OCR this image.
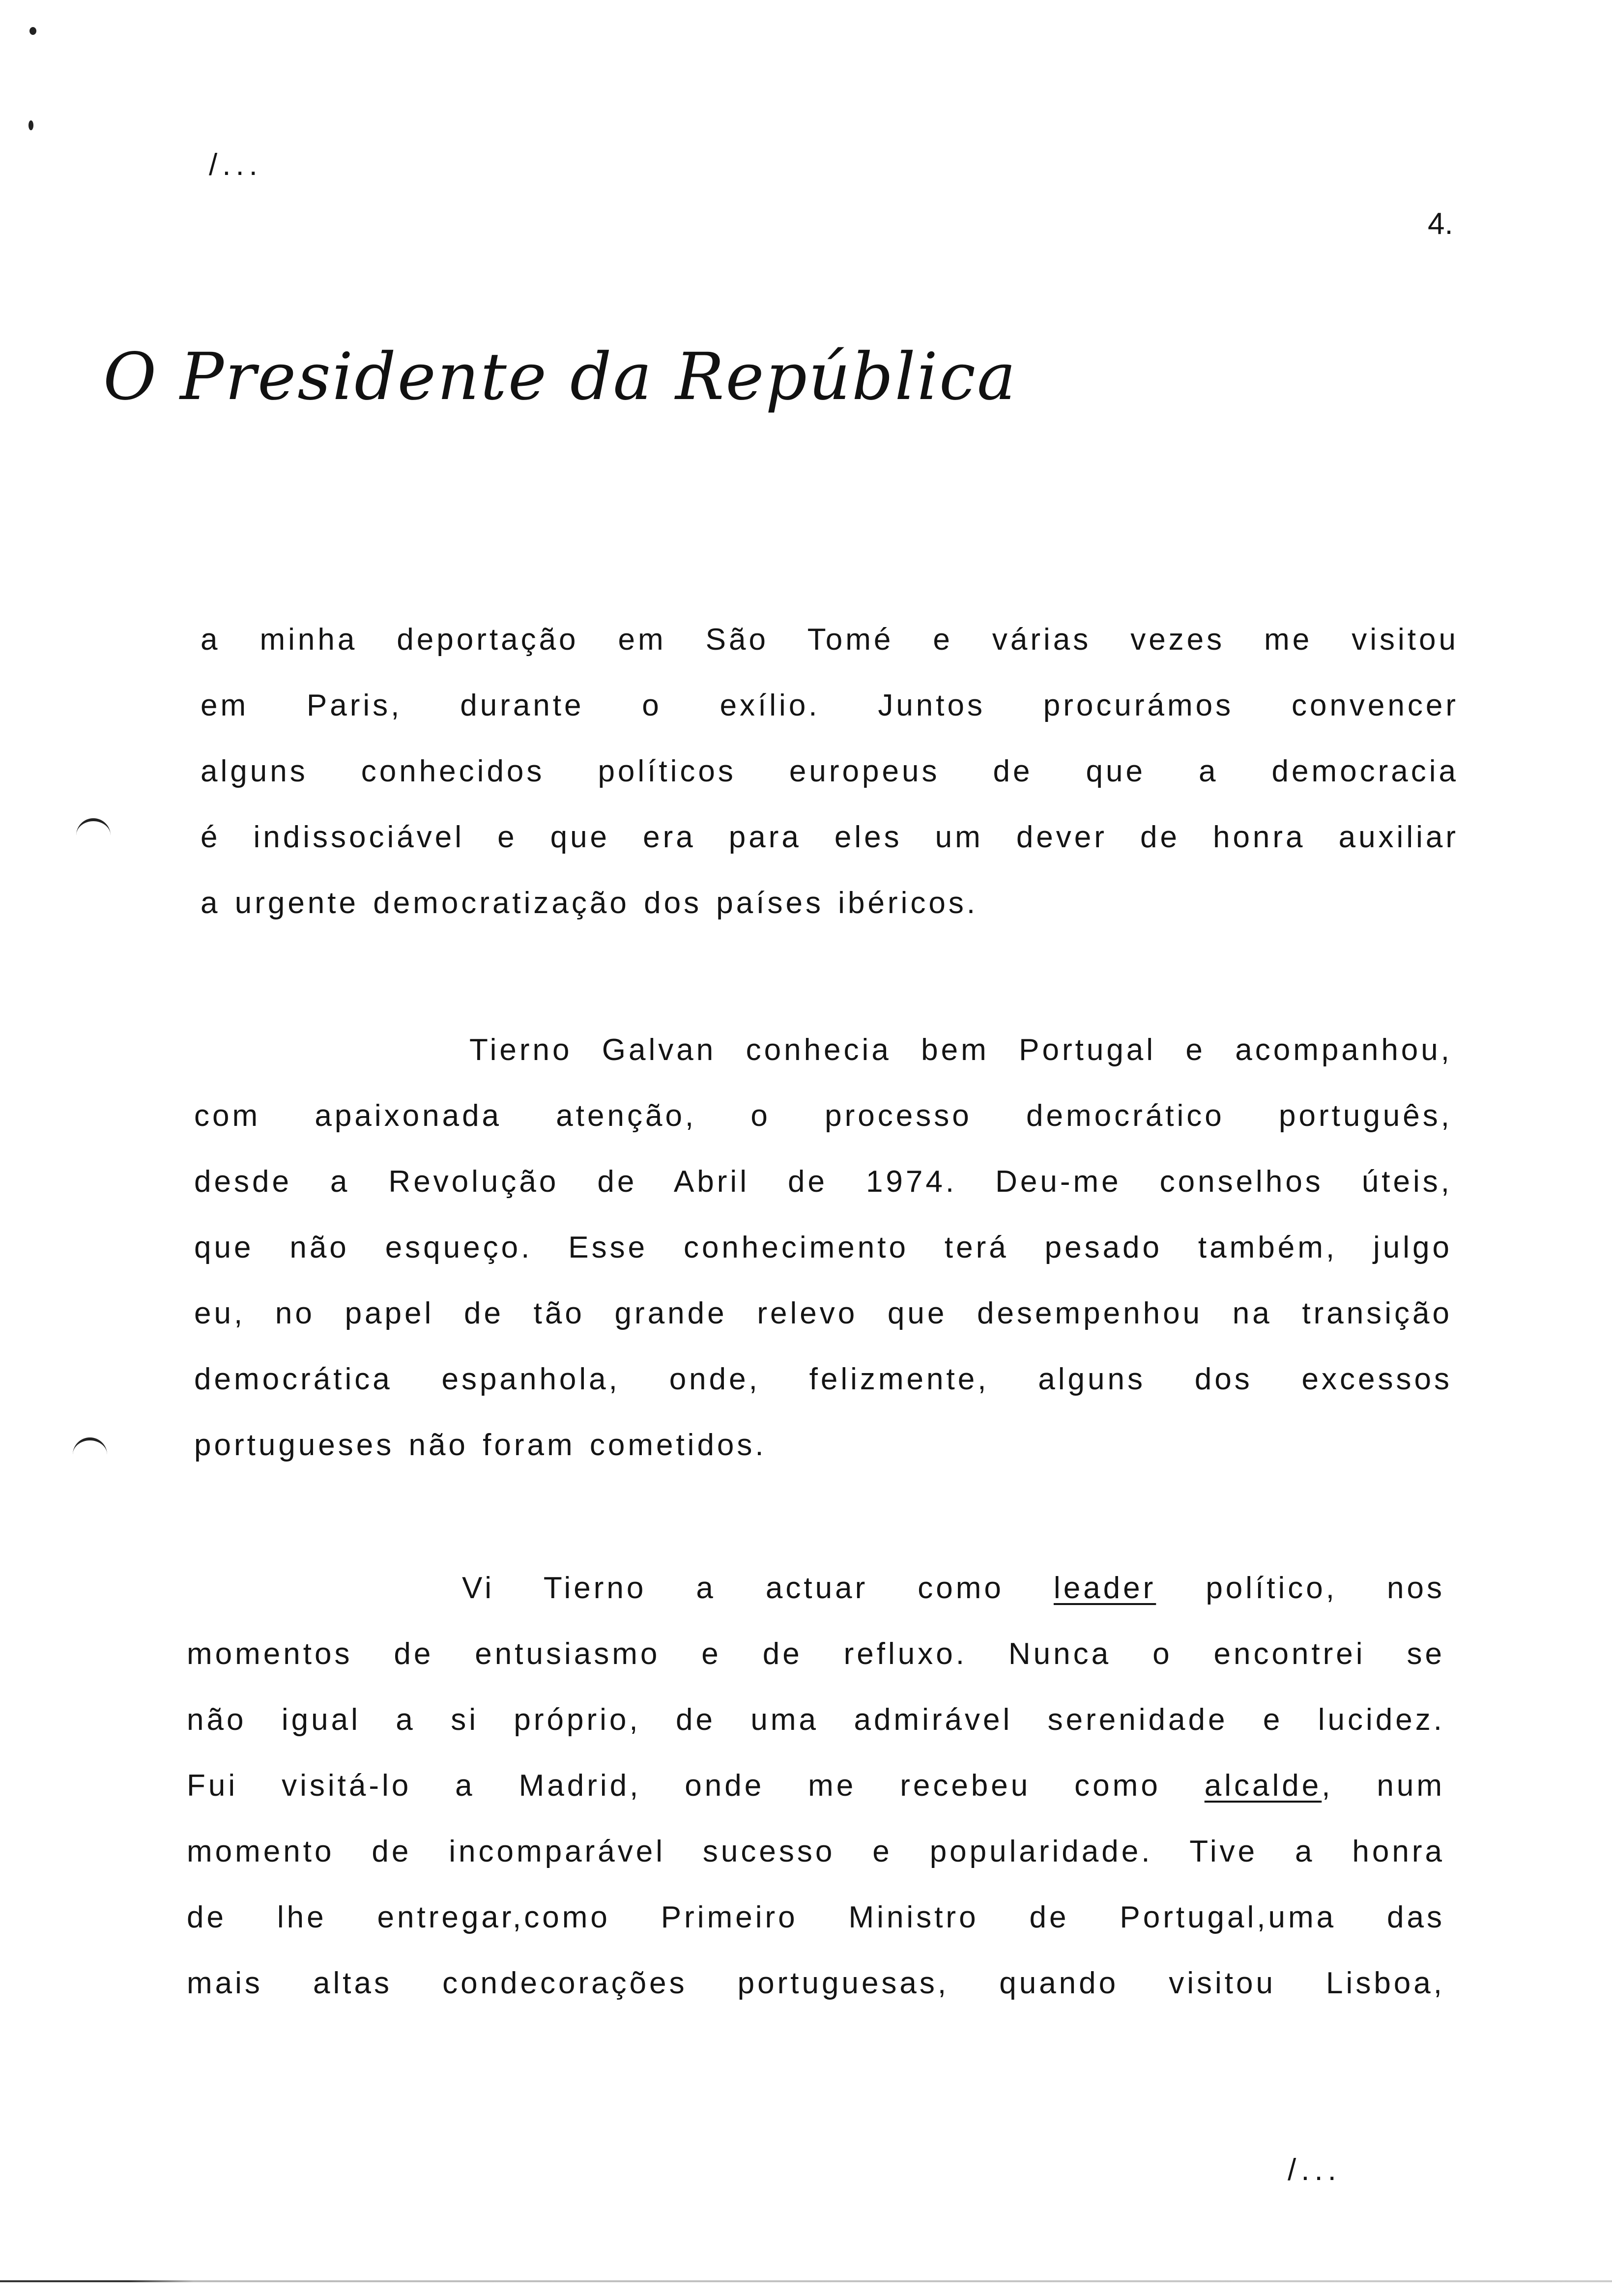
/...
4.
O Presidente da República
a minha deportação em São Tomé e várias vezes me visitou
em Paris, durante o exílio. Juntos procurámos convencer
alguns conhecidos políticos europeus de que a democracia
é indissociável e que era para eles um dever de honra auxiliar
a urgente democratização dos países ibéricos.
Tierno Galvan conhecia bem Portugal e acompanhou,
com apaixonada atenção, o processo democrático português,
desde a Revolução de Abril de 1974. Deu-me conselhos úteis,
que não esqueço. Esse conhecimento terá pesado também, julgo
eu, no papel de tão grande relevo que desempenhou na transição
democrática espanhola, onde, felizmente, alguns dos excessos
portugueses não foram cometidos.
Vi Tierno a actuar como leader político, nos
momentos de entusiasmo e de refluxo. Nunca o encontrei se
não igual a si próprio, de uma admirável serenidade e lucidez.
Fui visitá-lo a Madrid, onde me recebeu como alcalde, num
momento de incomparável sucesso e popularidade. Tive a honra
de lhe entregar,como Primeiro Ministro de Portugal,uma das
mais altas condecorações portuguesas, quando visitou Lisboa,
/...
